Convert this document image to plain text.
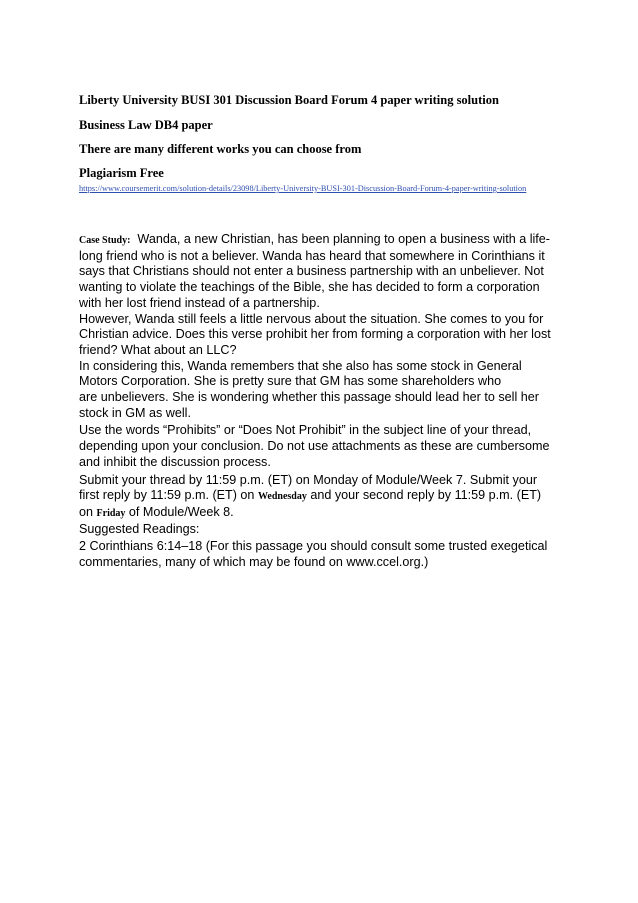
Liberty University BUSI 301 Discussion Board Forum 4 paper writing solution
Business Law DB4 paper
There are many different works you can choose from
Plagiarism Free
https://www.coursemerit.com/solution-details/23098/Liberty-University-BUSI-301-Discussion-Board-Forum-4-paper-writing-solution

Case Study: Wanda, a new Christian, has been planning to open a business with a life-
long friend who is not a believer. Wanda has heard that somewhere in Corinthians it
says that Christians should not enter a business partnership with an unbeliever. Not
wanting to violate the teachings of the Bible, she has decided to form a corporation
with her lost friend instead of a partnership.

However, Wanda still feels a little nervous about the situation. She comes to you for
Christian advice. Does this verse prohibit her from forming a corporation with her lost
friend? What about an LLC?

In considering this, Wanda remembers that she also has some stock in General
Motors Corporation. She is pretty sure that GM has some shareholders who
are unbelievers. She is wondering whether this passage should lead her to sell her
stock in GM as well.

Use the words “Prohibits” or “Does Not Prohibit” in the subject line of your thread,
depending upon your conclusion. Do not use attachments as these are cumbersome
and inhibit the discussion process.

Submit your thread by 11:59 p.m. (ET) on Monday of Module/Week 7. Submit your
first reply by 11:59 p.m. (ET) on Wednesday and your second reply by 11:59 p.m. (ET)
on Friday of Module/Week 8.
Suggested Readings:

2 Corinthians 6:14–18 (For this passage you should consult some trusted exegetical
commentaries, many of which may be found on www.ccel.org.)
